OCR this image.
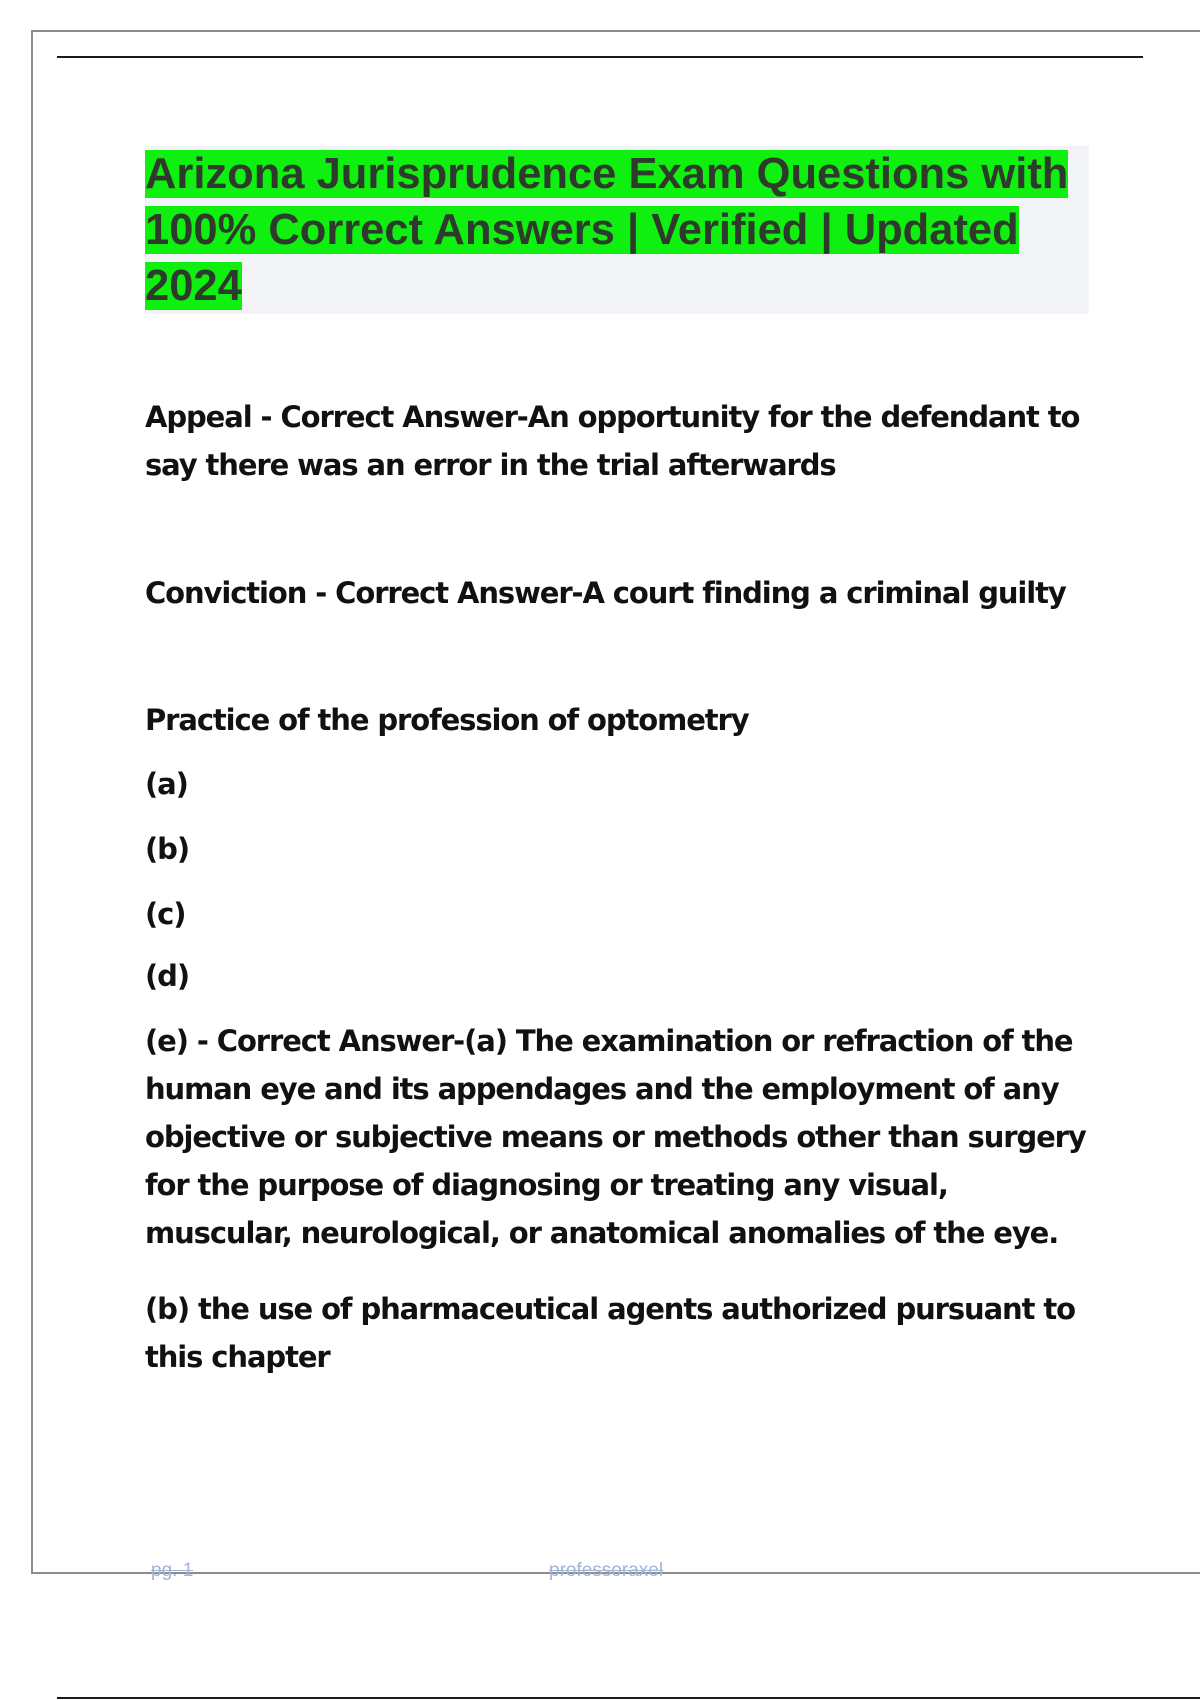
Arizona Jurisprudence Exam Questions with 100% Correct Answers | Verified | Updated 2024

Appeal - Correct Answer-An opportunity for the defendant to say there was an error in the trial afterwards

Conviction - Correct Answer-A court finding a criminal guilty

Practice of the profession of optometry

(a)

(b)

(c)

(d)

(e) - Correct Answer-(a) The examination or refraction of the human eye and its appendages and the employment of any objective or subjective means or methods other than surgery for the purpose of diagnosing or treating any visual, muscular, neurological, or anatomical anomalies of the eye.

(b) the use of pharmaceutical agents authorized pursuant to this chapter

pg. 1	professoraxel
